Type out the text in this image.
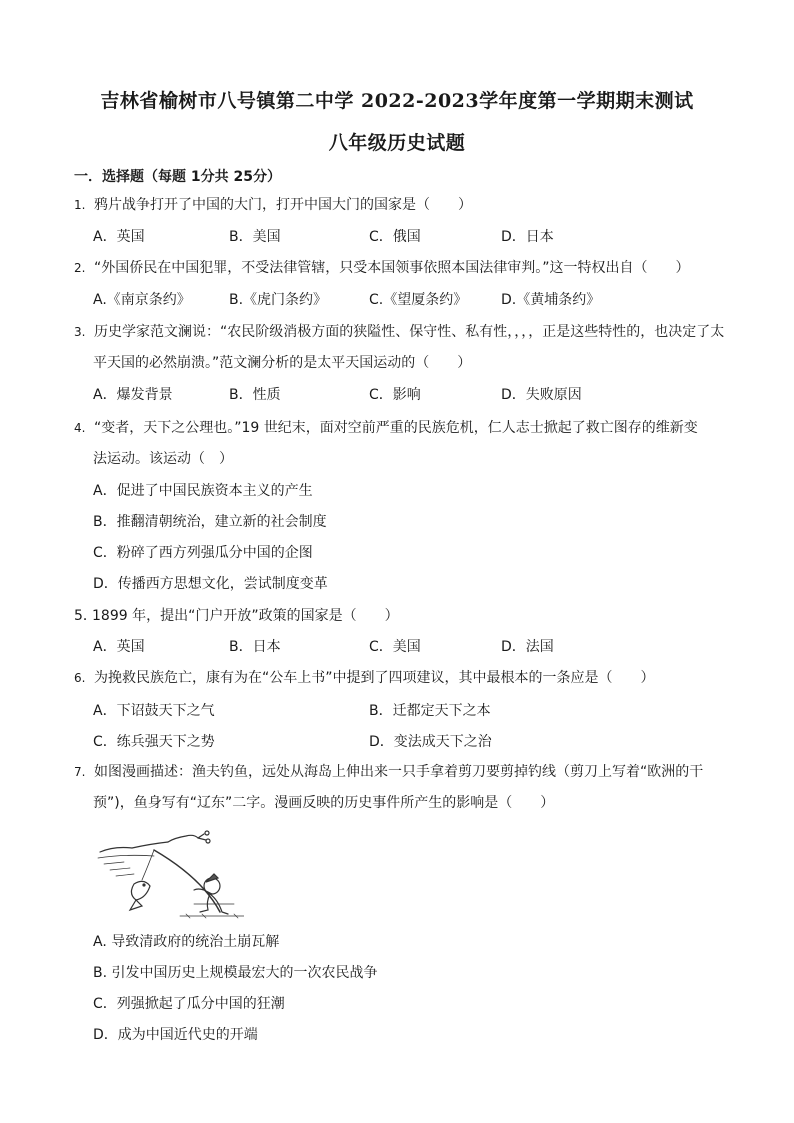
吉林省榆树市八号镇第二中学 2022-2023学年度第一学期期末测试
八年级历史试题
一．选择题（每题 1分共 25分）
1. 鸦片战争打开了中国的大门，打开中国大门的国家是（　　）
A．英国	B．美国	C．俄国	D．日本
2. “外国侨民在中国犯罪，不受法律管辖，只受本国领事依照本国法律审判。”这一特权出自（　　）
A.《南京条约》	B.《虎门条约》	C.《望厦条约》 D.《黄埔条约》
3. 历史学家范文澜说：“农民阶级消极方面的狭隘性、保守性、私有性，，，，正是这些特性的，也决定了太
平天国的必然崩溃。”范文澜分析的是太平天国运动的（　　）
A．爆发背景	B．性质	C．影响	D．失败原因
4. “变者，天下之公理也。”19 世纪末，面对空前严重的民族危机，仁人志士掀起了救亡图存的维新变
法运动。该运动（　）
A．促进了中国民族资本主义的产生
B．推翻清朝统治，建立新的社会制度
C．粉碎了西方列强瓜分中国的企图
D．传播西方思想文化，尝试制度变革
5．1899 年，提出“门户开放”政策的国家是（　　）
A．英国	B．日本	C．美国	D．法国
6. 为挽救民族危亡，康有为在“公车上书”中提到了四项建议，其中最根本的一条应是（　　）
A．下诏鼓天下之气	B．迁都定天下之本
C．练兵强天下之势	D．变法成天下之治
7. 如图漫画描述：渔夫钓鱼，远处从海岛上伸出来一只手拿着剪刀要剪掉钓线（剪刀上写着“欧洲的干
预”)，鱼身写有“辽东”二字。漫画反映的历史事件所产生的影响是（　　）
A. 导致清政府的统治土崩瓦解
B. 引发中国历史上规模最宏大的一次农民战争
C．列强掀起了瓜分中国的狂潮
D．成为中国近代史的开端
